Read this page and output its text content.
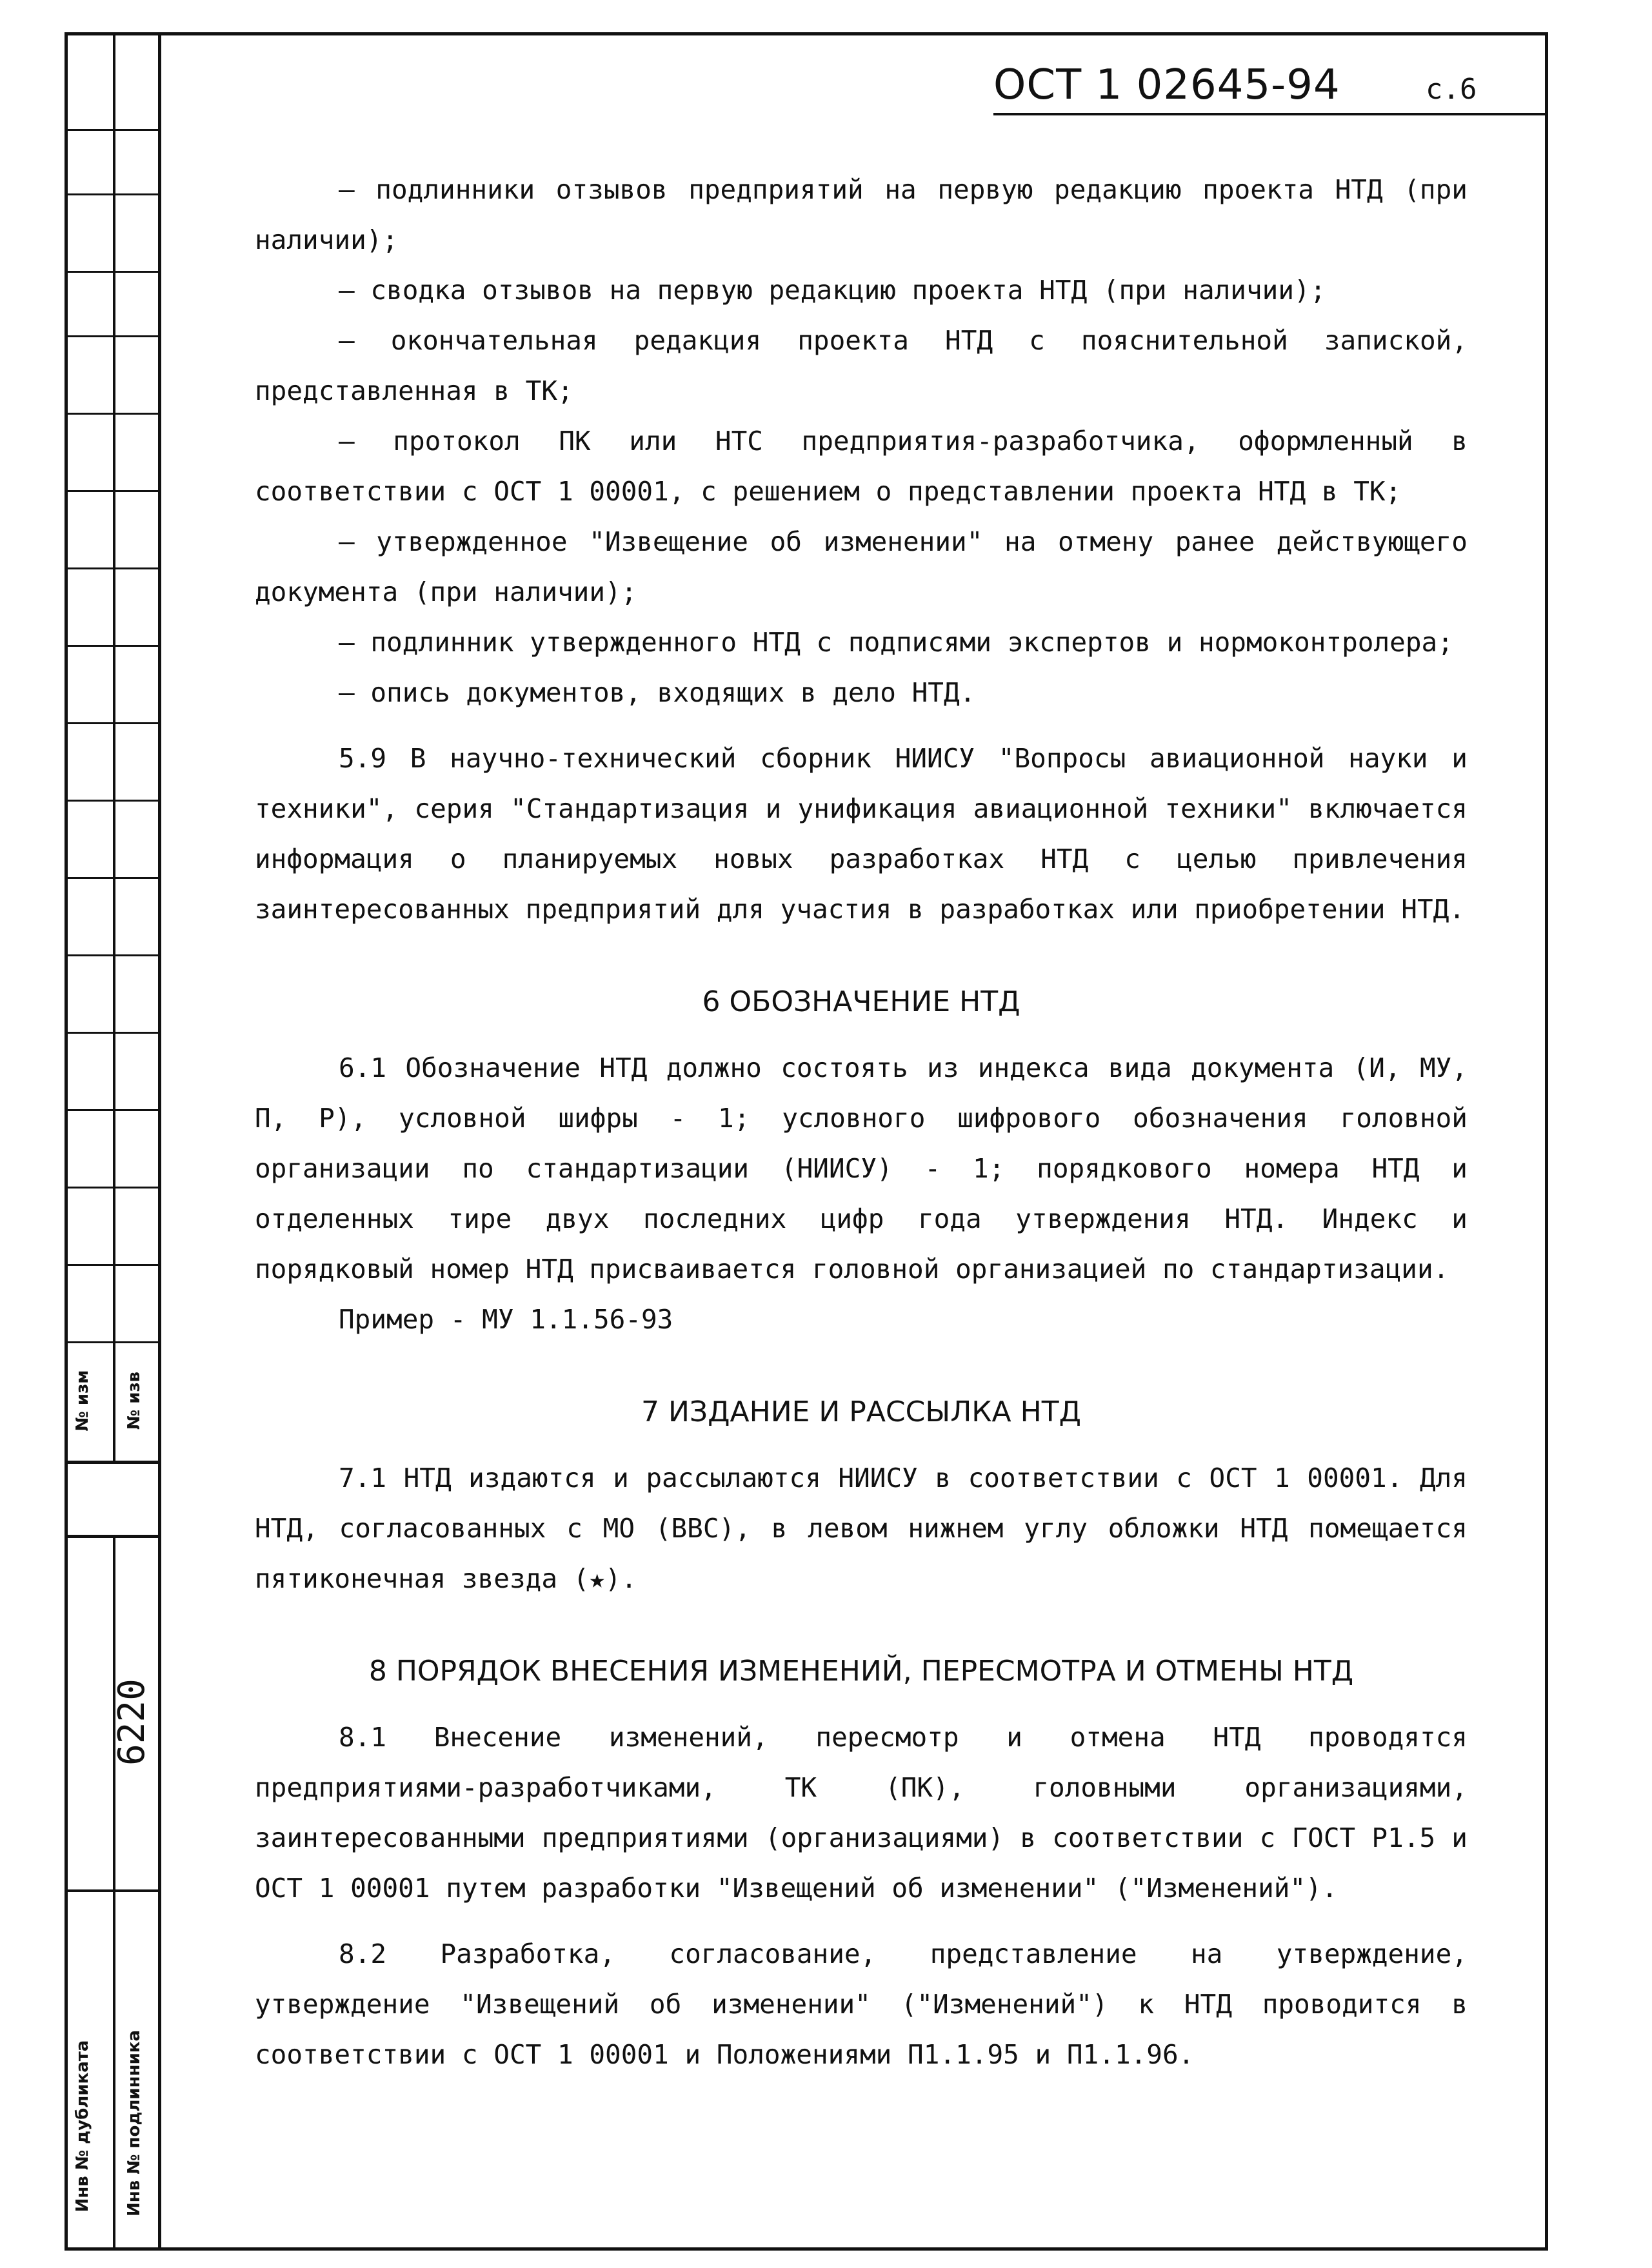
№ изм № изв
6220
Инв № дубликата Инв № подлинника
ОСТ 1 02645-94	с.6

– подлинники отзывов предприятий на первую редакцию проекта НТД (при наличии);

– сводка отзывов на первую редакцию проекта НТД (при наличии);

– окончательная редакция проекта НТД с пояснительной запиской, представленная в ТК;

– протокол ПК или НТС предприятия-разработчика, оформленный в соответствии с ОСТ 1 00001, с решением о представлении проекта НТД в ТК;

– утвержденное "Извещение об изменении" на отмену ранее действующего документа (при наличии);

– подлинник утвержденного НТД с подписями экспертов и нормоконтролера;

– опись документов, входящих в дело НТД.

5.9 В научно-технический сборник НИИСУ "Вопросы авиационной науки и техники", серия "Стандартизация и унификация авиационной техники" включается информация о планируемых новых разработках НТД с целью привлечения заинтересованных предприятий для участия в разработках или приобретении НТД.

6 ОБОЗНАЧЕНИЕ НТД

6.1 Обозначение НТД должно состоять из индекса вида документа (И, МУ, П, Р), условной шифры - 1; условного шифрового обозначения головной организации по стандартизации (НИИСУ) - 1; порядкового номера НТД и отделенных тире двух последних цифр года утверждения НТД. Индекс и порядковый номер НТД присваивается головной организацией по стандартизации.

Пример - МУ 1.1.56-93

7 ИЗДАНИЕ И РАССЫЛКА НТД

7.1 НТД издаются и рассылаются НИИСУ в соответствии с ОСТ 1 00001. Для НТД, согласованных с МО (ВВС), в левом нижнем углу обложки НТД помещается пятиконечная звезда (★).

8 ПОРЯДОК ВНЕСЕНИЯ ИЗМЕНЕНИЙ, ПЕРЕСМОТРА И ОТМЕНЫ НТД

8.1 Внесение изменений, пересмотр и отмена НТД проводятся предприятиями-разработчиками, ТК (ПК), головными организациями, заинтересованными предприятиями (организациями) в соответствии с ГОСТ Р1.5 и ОСТ 1 00001 путем разработки "Извещений об изменении" ("Изменений").

8.2 Разработка, согласование, представление на утверждение, утверждение "Извещений об изменении" ("Изменений") к НТД проводится в соответствии с ОСТ 1 00001 и Положениями П1.1.95 и П1.1.96.
